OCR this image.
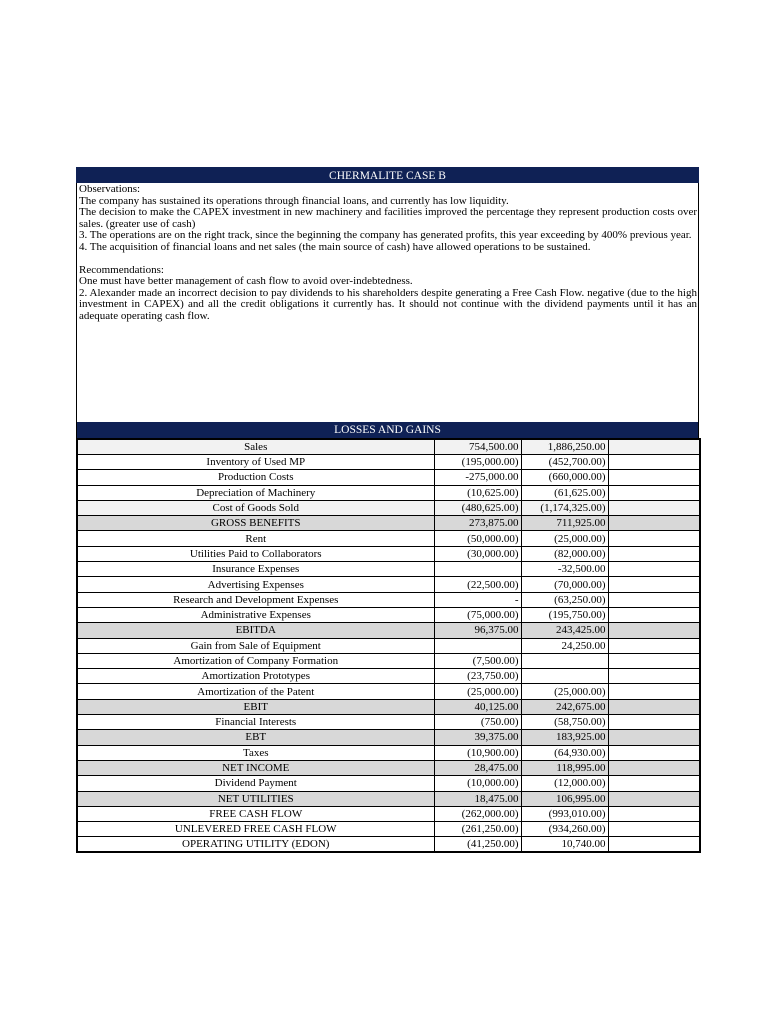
CHERMALITE CASE B

Observations:

The company has sustained its operations through financial loans, and currently has low liquidity.

The decision to make the CAPEX investment in new machinery and facilities improved the percentage they represent production costs over sales. (greater use of cash)

3. The operations are on the right track, since the beginning the company has generated profits, this year exceeding by 400% previous year.

4. The acquisition of financial loans and net sales (the main source of cash) have allowed operations to be sustained.

Recommendations:

One must have better management of cash flow to avoid over-indebtedness.

2. Alexander made an incorrect decision to pay dividends to his shareholders despite generating a Free Cash Flow. negative (due to the high investment in CAPEX) and all the credit obligations it currently has. It should not continue with the dividend payments until it has an adequate operating cash flow.

LOSSES AND GAINS
Sales	754,500.00	1,886,250.00	
Inventory of Used MP	(195,000.00)	(452,700.00)	
Production Costs	-275,000.00	(660,000.00)	
Depreciation of Machinery	(10,625.00)	(61,625.00)	
Cost of Goods Sold	(480,625.00)	(1,174,325.00)	
GROSS BENEFITS	273,875.00	711,925.00	
Rent	(50,000.00)	(25,000.00)	
Utilities Paid to Collaborators	(30,000.00)	(82,000.00)	
Insurance Expenses		-32,500.00	
Advertising Expenses	(22,500.00)	(70,000.00)	
Research and Development Expenses	-	(63,250.00)	
Administrative Expenses	(75,000.00)	(195,750.00)	
EBITDA	96,375.00	243,425.00	
Gain from Sale of Equipment		24,250.00	
Amortization of Company Formation	(7,500.00)		
Amortization Prototypes	(23,750.00)		
Amortization of the Patent	(25,000.00)	(25,000.00)	
EBIT	40,125.00	242,675.00	
Financial Interests	(750.00)	(58,750.00)	
EBT	39,375.00	183,925.00	
Taxes	(10,900.00)	(64,930.00)	
NET INCOME	28,475.00	118,995.00	
Dividend Payment	(10,000.00)	(12,000.00)	
NET UTILITIES	18,475.00	106,995.00	
FREE CASH FLOW	(262,000.00)	(993,010.00)	
UNLEVERED FREE CASH FLOW	(261,250.00)	(934,260.00)	
OPERATING UTILITY (EDON)	(41,250.00)	10,740.00	
